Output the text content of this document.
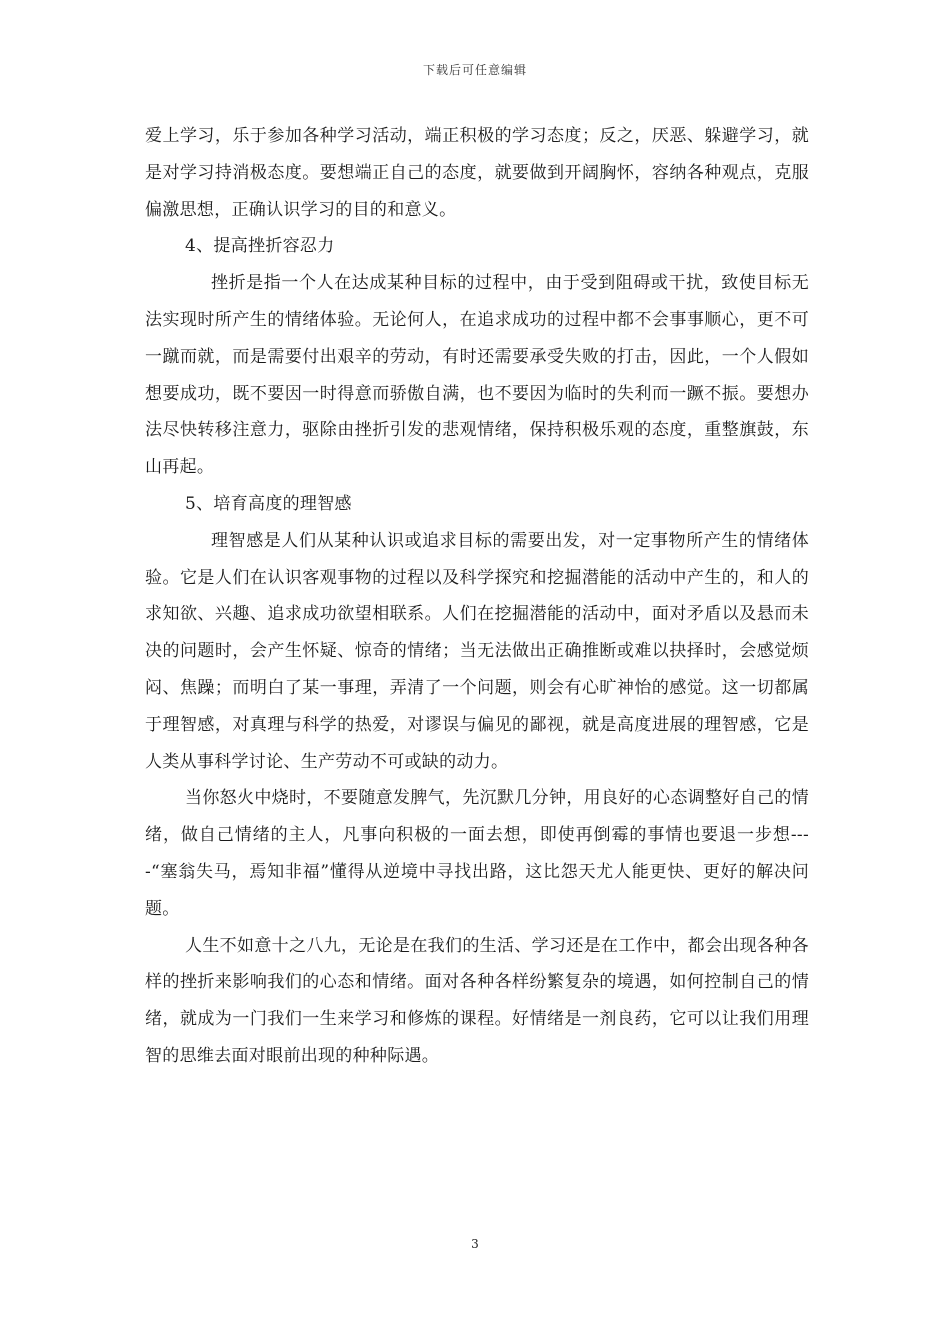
下载后可任意编辑

爱上学习，乐于参加各种学习活动，端正积极的学习态度；反之，厌恶、躲避学习，就是对学习持消极态度。要想端正自己的态度，就要做到开阔胸怀，容纳各种观点，克服偏激思想，正确认识学习的目的和意义。

4、提高挫折容忍力

挫折是指一个人在达成某种目标的过程中，由于受到阻碍或干扰，致使目标无法实现时所产生的情绪体验。无论何人，在追求成功的过程中都不会事事顺心，更不可一蹴而就，而是需要付出艰辛的劳动，有时还需要承受失败的打击，因此，一个人假如想要成功，既不要因一时得意而骄傲自满，也不要因为临时的失利而一蹶不振。要想办法尽快转移注意力，驱除由挫折引发的悲观情绪，保持积极乐观的态度，重整旗鼓，东山再起。

5、培育高度的理智感

理智感是人们从某种认识或追求目标的需要出发，对一定事物所产生的情绪体验。它是人们在认识客观事物的过程以及科学探究和挖掘潜能的活动中产生的，和人的求知欲、兴趣、追求成功欲望相联系。人们在挖掘潜能的活动中，面对矛盾以及悬而未决的问题时，会产生怀疑、惊奇的情绪；当无法做出正确推断或难以抉择时，会感觉烦闷、焦躁；而明白了某一事理，弄清了一个问题，则会有心旷神怡的感觉。这一切都属于理智感，对真理与科学的热爱，对谬误与偏见的鄙视，就是高度进展的理智感，它是人类从事科学讨论、生产劳动不可或缺的动力。

当你怒火中烧时，不要随意发脾气，先沉默几分钟，用良好的心态调整好自己的情绪，做自己情绪的主人，凡事向积极的一面去想，即使再倒霉的事情也要退一步想----“塞翁失马，焉知非福”懂得从逆境中寻找出路，这比怨天尤人能更快、更好的解决问题。

人生不如意十之八九，无论是在我们的生活、学习还是在工作中，都会出现各种各样的挫折来影响我们的心态和情绪。面对各种各样纷繁复杂的境遇，如何控制自己的情绪，就成为一门我们一生来学习和修炼的课程。好情绪是一剂良药，它可以让我们用理智的思维去面对眼前出现的种种际遇。

3
